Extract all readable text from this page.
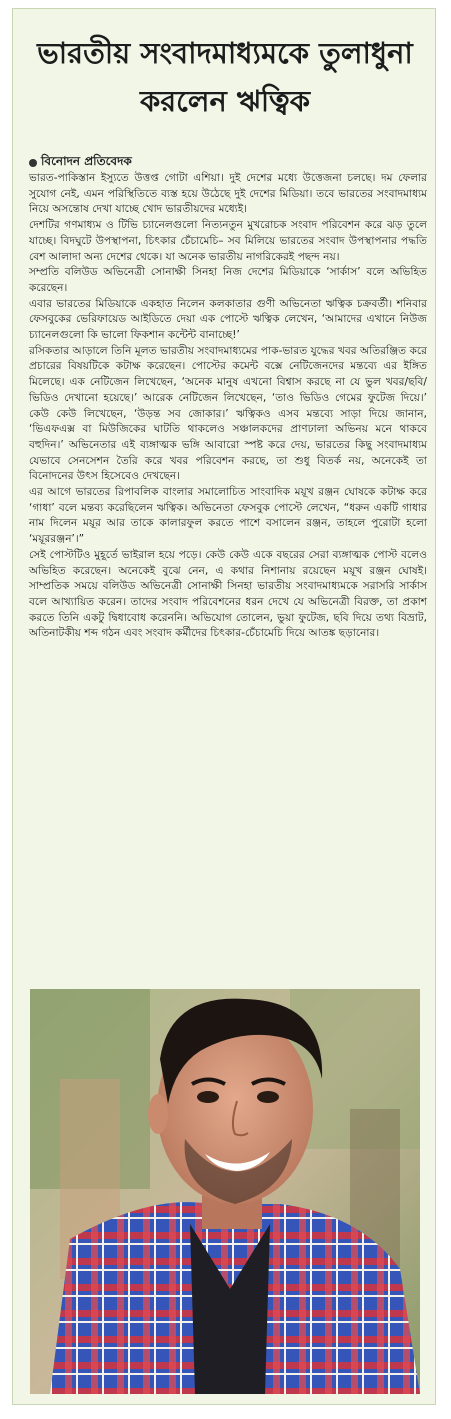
ভারতীয় সংবাদমাধ্যমকে তুলাধুনা করলেন ঋত্বিক
বিনোদন প্রতিবেদক

ভারত-পাকিস্তান ইস্যুতে উত্তপ্ত গোটা এশিয়া। দুই দেশের মধ্যে উত্তেজনা চলছে। দম ফেলার সুযোগ নেই, এমন পরিস্থিতিতে ব্যস্ত হয়ে উঠেছে দুই দেশের মিডিয়া। তবে ভারতের সংবাদমাধ্যম নিয়ে অসন্তোষ দেখা যাচ্ছে খোদ ভারতীয়দের মধ্যেই।

দেশটির গণমাধ্যম ও টিভি চ্যানেলগুলো নিত্যনতুন মুখরোচক সংবাদ পরিবেশন করে ঝড় তুলে যাচ্ছে। বিদঘুটে উপস্থাপনা, চিৎকার চেঁচামেচি– সব মিলিয়ে ভারতের সংবাদ উপস্থাপনার পদ্ধতি বেশ আলাদা অন্য দেশের থেকে। যা অনেক ভারতীয় নাগরিকেরই পছন্দ নয়।

সম্প্রতি বলিউড অভিনেত্রী সোনাক্ষী সিনহা নিজ দেশের মিডিয়াকে ‘সার্কাস’ বলে অভিহিত করেছেন।

এবার ভারতের মিডিয়াকে একহাত নিলেন কলকাতার গুণী অভিনেতা ঋত্বিক চক্রবর্তী। শনিবার ফেসবুকের ভেরিফায়েড আইডিতে দেয়া এক পোস্টে ঋত্বিক লেখেন, ‘আমাদের এখানে নিউজ চ্যানেলগুলো কি ভালো ফিকশান কন্টেন্ট বানাচ্ছে!’

রসিকতার আড়ালে তিনি মূলত ভারতীয় সংবাদমাধ্যমের পাক-ভারত যুদ্ধের খবর অতিরঞ্জিত করে প্রচারের বিষয়টিকে কটাক্ষ করেছেন। পোস্টের কমেন্ট বক্সে নেটিজেনদের মন্তব্যে এর ইঙ্গিত মিলেছে। এক নেটিজেন লিখেছেন, ‘অনেক মানুষ এখনো বিশ্বাস করছে না যে ভুল খবর/ছবি/ভিডিও দেখানো হয়েছে।’ আরেক নেটিজেন লিখেছেন, ‘তাও ভিডিও গেমের ফুটেজ দিয়ে।’ কেউ কেউ লিখেছেন, ‘উড়ন্ত সব জোকার।’ ঋত্বিকও এসব মন্তব্যে সাড়া দিয়ে জানান, ‘ভিএফএক্স বা মিউজিকের ঘাটতি থাকলেও সঞ্চালকদের প্রাণঢালা অভিনয় মনে থাকবে বহুদিন।’ অভিনেতার এই ব্যঙ্গাত্মক ভঙ্গি আবারো স্পষ্ট করে দেয়, ভারতের কিছু সংবাদমাধ্যম যেভাবে সেনসেশন তৈরি করে খবর পরিবেশন করছে, তা শুধু বিতর্ক নয়, অনেকেই তা বিনোদনের উৎস হিসেবেও দেখছেন।

এর আগে ভারতের রিপাবলিক বাংলার সমালোচিত সাংবাদিক ময়ূখ রঞ্জন ঘোষকে কটাক্ষ করে ‘গাধা’ বলে মন্তব্য করেছিলেন ঋত্বিক। অভিনেতা ফেসবুক পোস্টে লেখেন, “ধরুন একটি গাধার নাম দিলেন ময়ূর আর তাকে কালারফুল করতে পাশে বসালেন রঞ্জন, তাহলে পুরোটা হলো ‘ময়ূররঞ্জন’।”

সেই পোস্টটিও মুহূর্তে ভাইরাল হয়ে পড়ে। কেউ কেউ একে বছরের সেরা ব্যঙ্গাত্মক পোস্ট বলেও অভিহিত করেছেন। অনেকেই বুঝে নেন, এ কথার নিশানায় রয়েছেন ময়ূখ রঞ্জন ঘোষই। সাম্প্রতিক সময়ে বলিউড অভিনেত্রী সোনাক্ষী সিনহা ভারতীয় সংবাদমাধ্যমকে সরাসরি সার্কাস বলে আখ্যায়িত করেন। তাদের সংবাদ পরিবেশনের ধরন দেখে যে অভিনেত্রী বিরক্ত, তা প্রকাশ করতে তিনি একটু দ্বিধাবোধ করেননি। অভিযোগ তোলেন, ভুয়া ফুটেজ, ছবি দিয়ে তথ্য বিভ্রাট, অতিনাটকীয় শব্দ গঠন এবং সংবাদ কর্মীদের চিৎকার-চেঁচামেচি দিয়ে আতঙ্ক ছড়ানোর।
